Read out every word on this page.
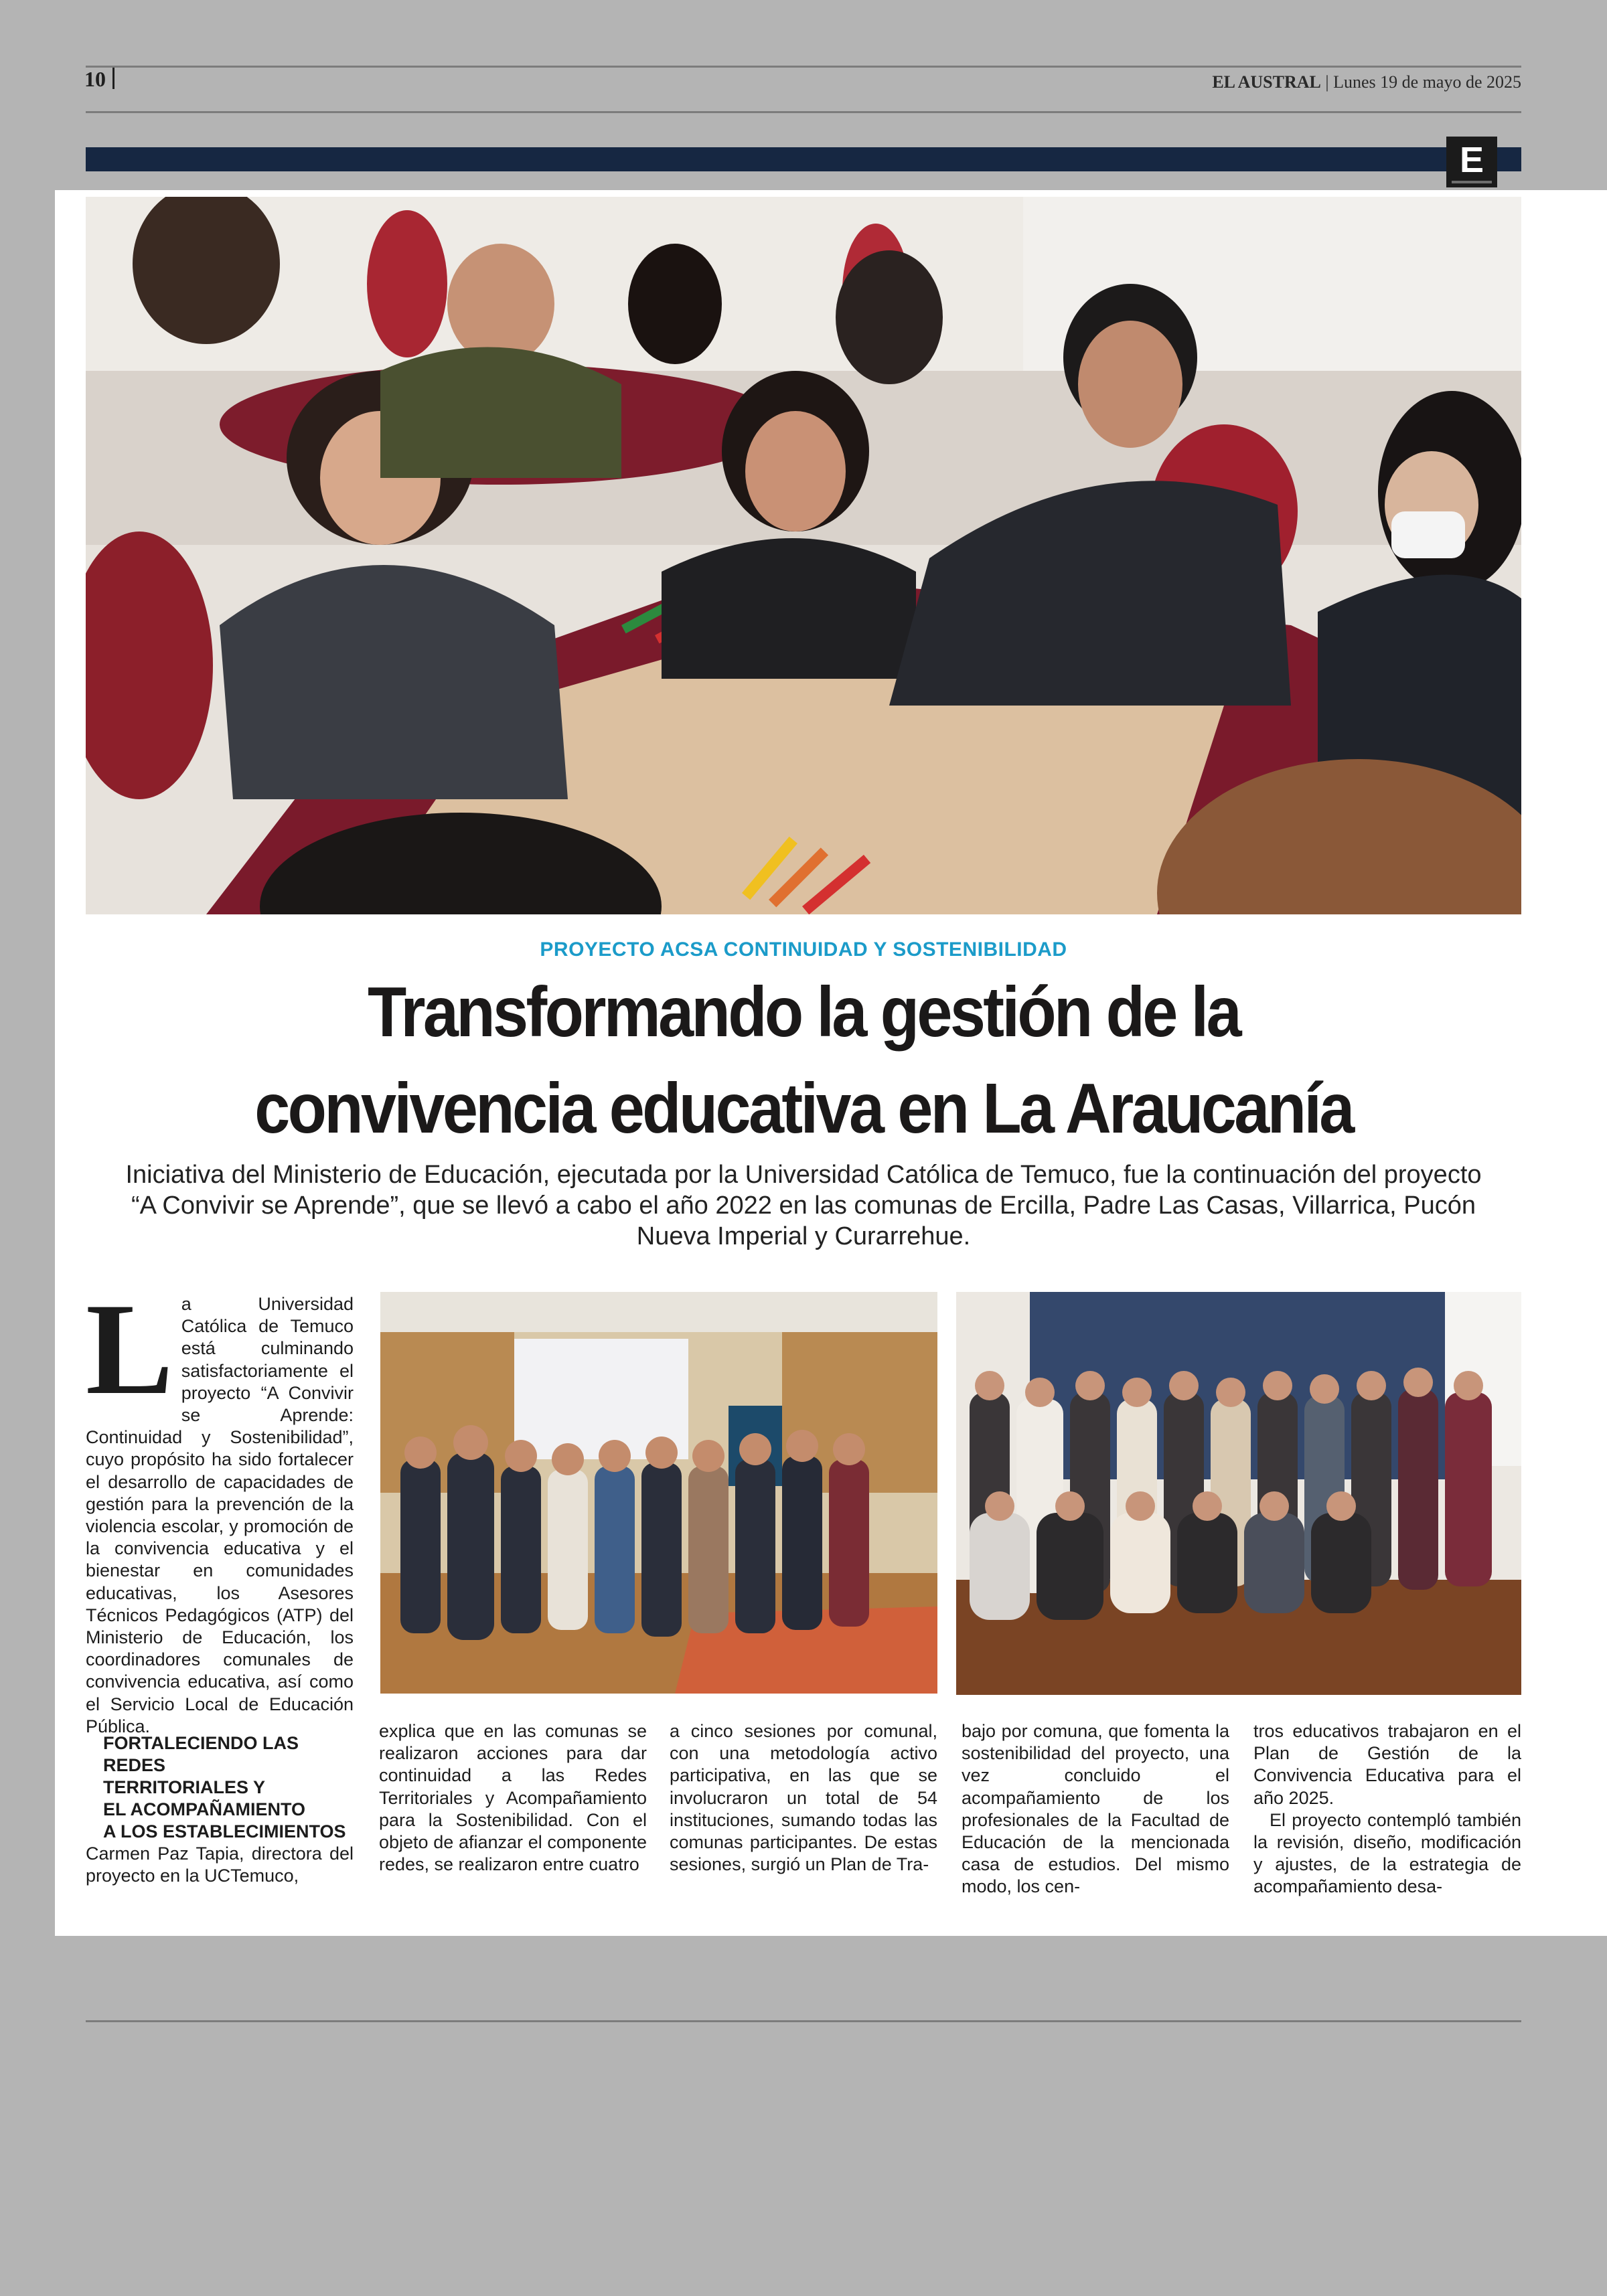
10	EL AUSTRAL | Lunes 19 de mayo de 2025
E
PROYECTO ACSA CONTINUIDAD Y SOSTENIBILIDAD
Transformando la gestión de la
convivencia educativa en La Araucanía
Iniciativa del Ministerio de Educación, ejecutada por la Universidad Católica de Temuco, fue la continuación del proyecto
“A Convivir se Aprende”, que se llevó a cabo el año 2022 en las comunas de Ercilla, Padre Las Casas, Villarrica, Pucón
Nueva Imperial y Curarrehue.
L a Universidad Católica de Temuco está culminando satisfactoriamente el proyecto “A Convivir se Aprende: Continuidad y Sostenibilidad”, cuyo propósito ha sido fortalecer el desarrollo de capacidades de gestión para la prevención de la violencia escolar, y promoción de la convivencia educativa y el bienestar en comunidades educativas, los Asesores Técnicos Pedagógicos (ATP) del Ministerio de Educación, los coordinadores comunales de convivencia educativa, así como el Servicio Local de Educación Pública.

FORTALECIENDO LAS REDES
TERRITORIALES Y
EL ACOMPAÑAMIENTO
A LOS ESTABLECIMIENTOS

Carmen Paz Tapia, directora del proyecto en la UCTemuco,

explica que en las comunas se realizaron acciones para dar continuidad a las Redes Territoriales y Acompañamiento para la Sostenibilidad. Con el objeto de afianzar el componente redes, se realizaron entre cuatro

a cinco sesiones por comunal, con una metodología activo participativa, en las que se involucraron un total de 54 instituciones, sumando todas las comunas participantes. De estas sesiones, surgió un Plan de Tra-

bajo por comuna, que fomenta la sostenibilidad del proyecto, una vez concluido el acompañamiento de los profesionales de la Facultad de Educación de la mencionada casa de estudios. Del mismo modo, los cen-

tros educativos trabajaron en el Plan de Gestión de la Convivencia Educativa para el año 2025.

El proyecto contempló también la revisión, diseño, modificación y ajustes, de la estrategia de acompañamiento desa-
